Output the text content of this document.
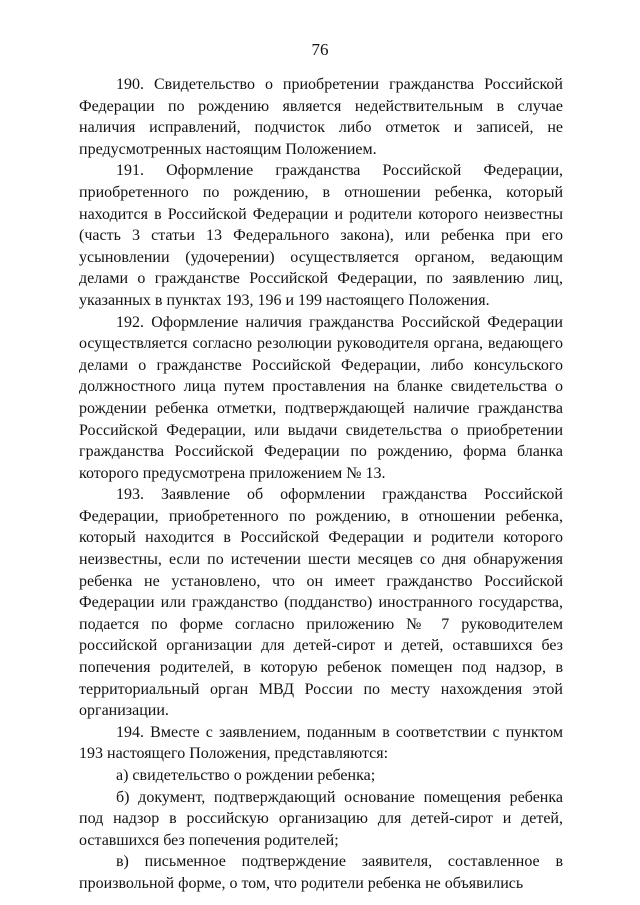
76

190. Свидетельство о приобретении гражданства Российской Федерации по рождению является недействительным в случае наличия исправлений, подчисток либо отметок и записей, не предусмотренных настоящим Положением.

191. Оформление гражданства Российской Федерации, приобретенного по рождению, в отношении ребенка, который находится в Российской Федерации и родители которого неизвестны (часть 3 статьи 13 Федерального закона), или ребенка при его усыновлении (удочерении) осуществляется органом, ведающим делами о гражданстве Российской Федерации, по заявлению лиц, указанных в пунктах 193, 196 и 199 настоящего Положения.

192. Оформление наличия гражданства Российской Федерации осуществляется согласно резолюции руководителя органа, ведающего делами о гражданстве Российской Федерации, либо консульского должностного лица путем проставления на бланке свидетельства о рождении ребенка отметки, подтверждающей наличие гражданства Российской Федерации, или выдачи свидетельства о приобретении гражданства Российской Федерации по рождению, форма бланка которого предусмотрена приложением № 13.

193. Заявление об оформлении гражданства Российской Федерации, приобретенного по рождению, в отношении ребенка, который находится в Российской Федерации и родители которого неизвестны, если по истечении шести месяцев со дня обнаружения ребенка не установлено, что он имеет гражданство Российской Федерации или гражданство (подданство) иностранного государства, подается по форме согласно приложению № 7 руководителем российской организации для детей-сирот и детей, оставшихся без попечения родителей, в которую ребенок помещен под надзор, в территориальный орган МВД России по месту нахождения этой организации.

194. Вместе с заявлением, поданным в соответствии с пунктом 193 настоящего Положения, представляются:

а) свидетельство о рождении ребенка;

б) документ, подтверждающий основание помещения ребенка под надзор в российскую организацию для детей-сирот и детей, оставшихся без попечения родителей;

в) письменное подтверждение заявителя, составленное в произвольной форме, о том, что родители ребенка не объявились
